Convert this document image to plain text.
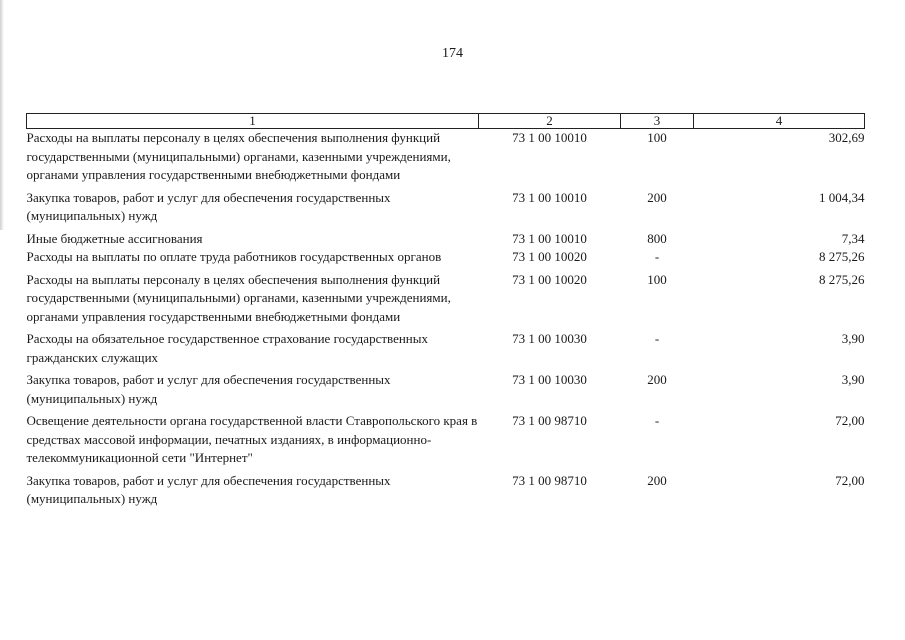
174
1	2	3	4
Расходы на выплаты персоналу в целях обеспечения выполнения функций государственными (муниципальными) органами, казенными учреждениями, органами управления государственными внебюджетными фондами	73 1 00 10010	100	302,69
Закупка товаров, работ и услуг для обеспечения государственных (муниципальных) нужд	73 1 00 10010	200	1 004,34
Иные бюджетные ассигнования	73 1 00 10010	800	7,34
Расходы на выплаты по оплате труда работников государственных органов	73 1 00 10020	-	8 275,26
Расходы на выплаты персоналу в целях обеспечения выполнения функций государственными (муниципальными) органами, казенными учреждениями, органами управления государственными внебюджетными фондами	73 1 00 10020	100	8 275,26
Расходы на обязательное государственное страхование государственных гражданских служащих	73 1 00 10030	-	3,90
Закупка товаров, работ и услуг для обеспечения государственных (муниципальных) нужд	73 1 00 10030	200	3,90
Освещение деятельности органа государственной власти Ставропольского края в средствах массовой информации, печатных изданиях, в информационно-телекоммуникационной сети "Интернет"	73 1 00 98710	-	72,00
Закупка товаров, работ и услуг для обеспечения государственных (муниципальных) нужд	73 1 00 98710	200	72,00
